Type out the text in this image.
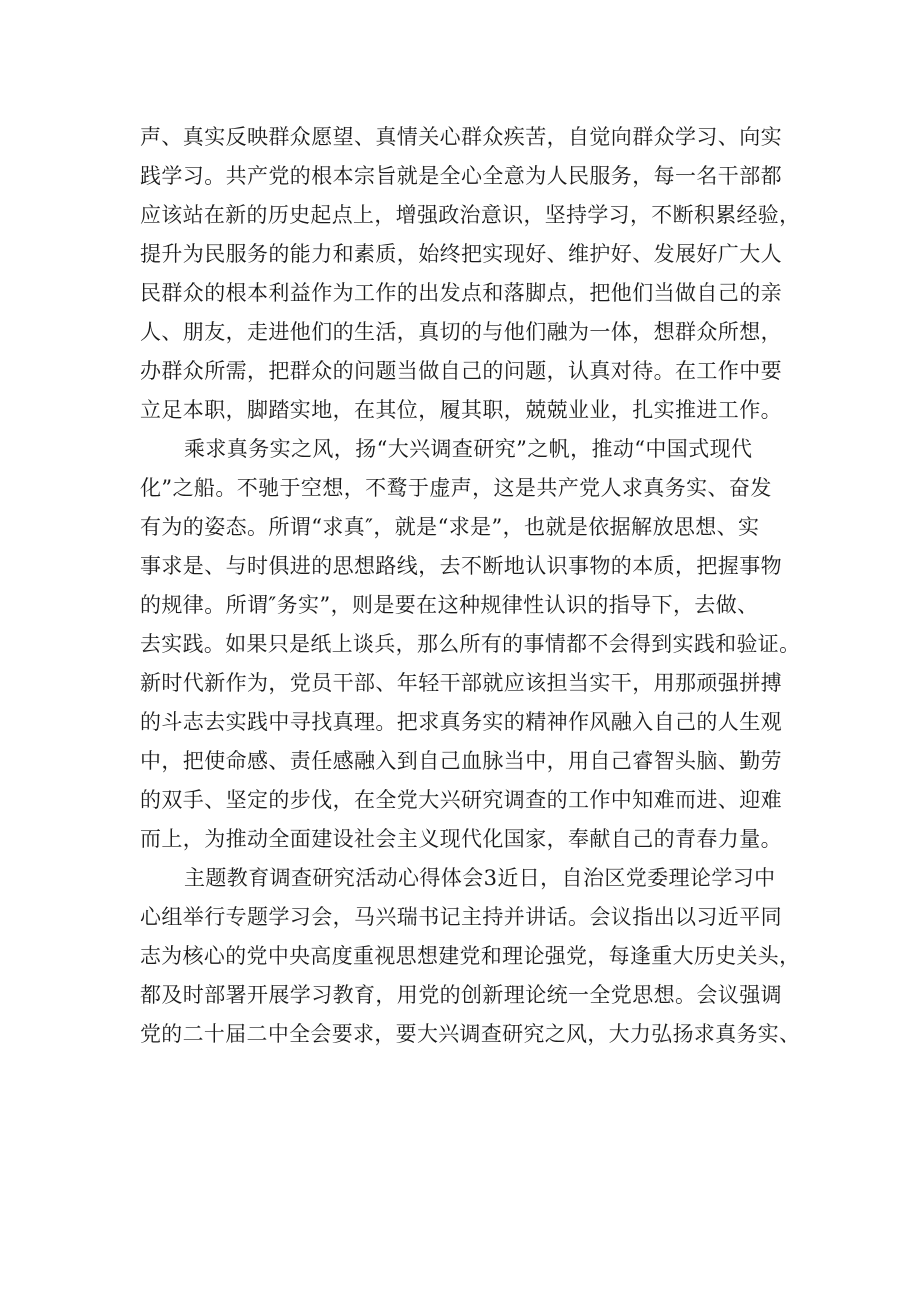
声、真实反映群众愿望、真情关心群众疾苦，自觉向群众学习、向实
践学习。共产党的根本宗旨就是全心全意为人民服务，每一名干部都
应该站在新的历史起点上，增强政治意识，坚持学习，不断积累经验，
提升为民服务的能力和素质，始终把实现好、维护好、发展好广大人
民群众的根本利益作为工作的出发点和落脚点，把他们当做自己的亲
人、朋友，走进他们的生活，真切的与他们融为一体，想群众所想，
办群众所需，把群众的问题当做自己的问题，认真对待。在工作中要
立足本职，脚踏实地，在其位，履其职，兢兢业业，扎实推进工作。
乘求真务实之风，扬“大兴调查研究”之帆，推动“中国式现代
化”之船。不驰于空想，不鹜于虚声，这是共产党人求真务实、奋发
有为的姿态。所谓“求真″，就是“求是”，也就是依据解放思想、实
事求是、与时俱进的思想路线，去不断地认识事物的本质，把握事物
的规律。所谓″务实”，则是要在这种规律性认识的指导下，去做、
去实践。如果只是纸上谈兵，那么所有的事情都不会得到实践和验证。
新时代新作为，党员干部、年轻干部就应该担当实干，用那顽强拼搏
的斗志去实践中寻找真理。把求真务实的精神作风融入自己的人生观
中，把使命感、责任感融入到自己血脉当中，用自己睿智头脑、勤劳
的双手、坚定的步伐，在全党大兴研究调查的工作中知难而进、迎难
而上，为推动全面建设社会主义现代化国家，奉献自己的青春力量。
主题教育调查研究活动心得体会3近日，自治区党委理论学习中
心组举行专题学习会，马兴瑞书记主持并讲话。会议指出以习近平同
志为核心的党中央高度重视思想建党和理论强党，每逢重大历史关头，
都及时部署开展学习教育，用党的创新理论统一全党思想。会议强调
党的二十届二中全会要求，要大兴调查研究之风，大力弘扬求真务实、
